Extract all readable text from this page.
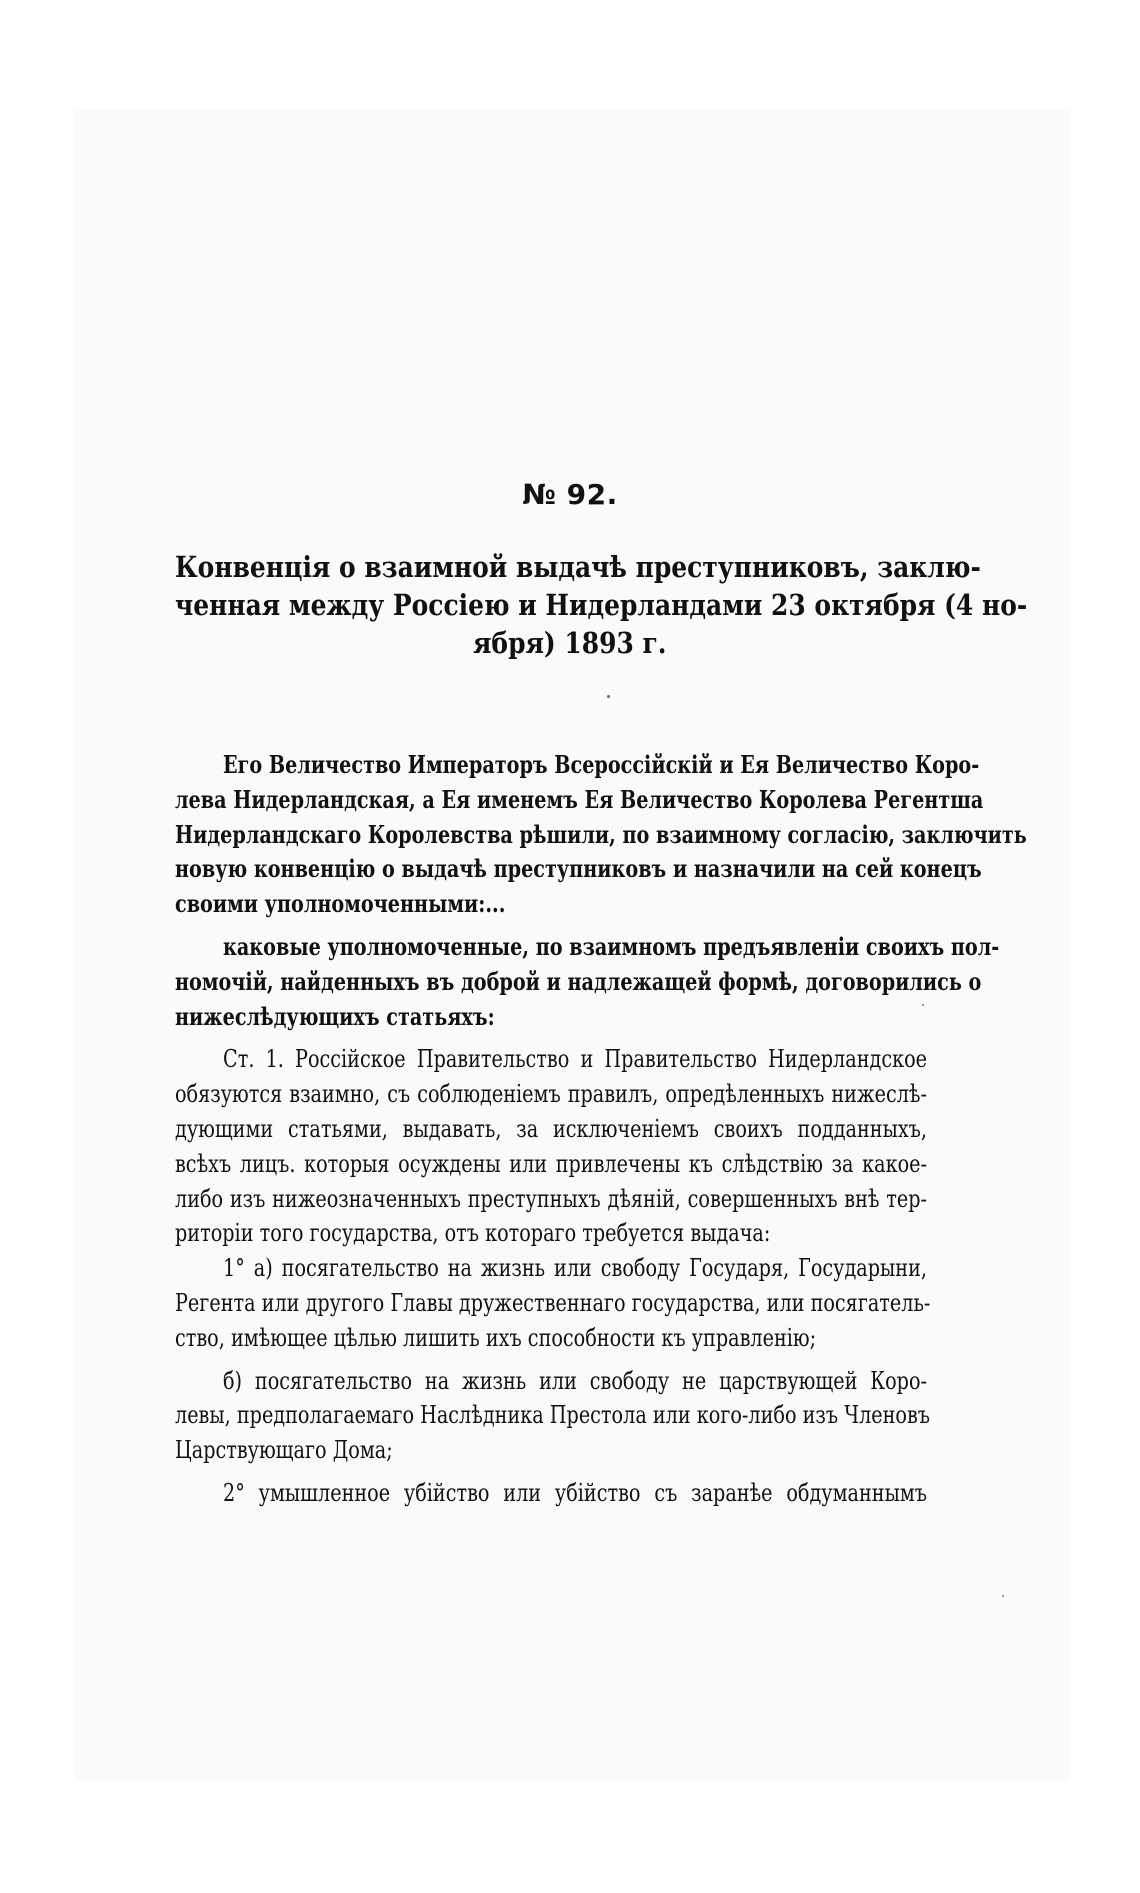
№ 92.
Конвенція о взаимной выдачѣ преступниковъ, заклю-
ченная между Россіею и Нидерландами 23 октября (4 но-
ября) 1893 г.
Его Величество Императоръ Всероссійскій и Ея Величество Коро-
лева Нидерландская, а Ея именемъ Ея Величество Королева Регентша
Нидерландскаго Королевства рѣшили, по взаимному согласію, заключить
новую конвенцію о выдачѣ преступниковъ и назначили на сей конецъ
своими уполномоченными:...
каковые уполномоченные, по взаимномъ предъявленіи своихъ пол-
номочій, найденныхъ въ доброй и надлежащей формѣ, договорились о
нижеслѣдующихъ статьяхъ:
Ст. 1. Россійское Правительство и Правительство Нидерландское
обязуются взаимно, съ соблюденіемъ правилъ, опредѣленныхъ нижеслѣ-
дующими статьями, выдавать, за исключеніемъ своихъ подданныхъ,
всѣхъ лицъ. которыя осуждены или привлечены къ слѣдствію за какое-
либо изъ нижеозначенныхъ преступныхъ дѣяній, совершенныхъ внѣ тер-
риторіи того государства, отъ котораго требуется выдача:
1° а) посягательство на жизнь или свободу Государя, Государыни,
Регента или другого Главы дружественнаго государства, или посягатель-
ство, имѣющее цѣлью лишить ихъ способности къ управленію;
б) посягательство на жизнь или свободу не царствующей Коро-
левы, предполагаемаго Наслѣдника Престола или кого-либо изъ Членовъ
Царствующаго Дома;
2° умышленное убійство или убійство съ заранѣе обдуманнымъ
